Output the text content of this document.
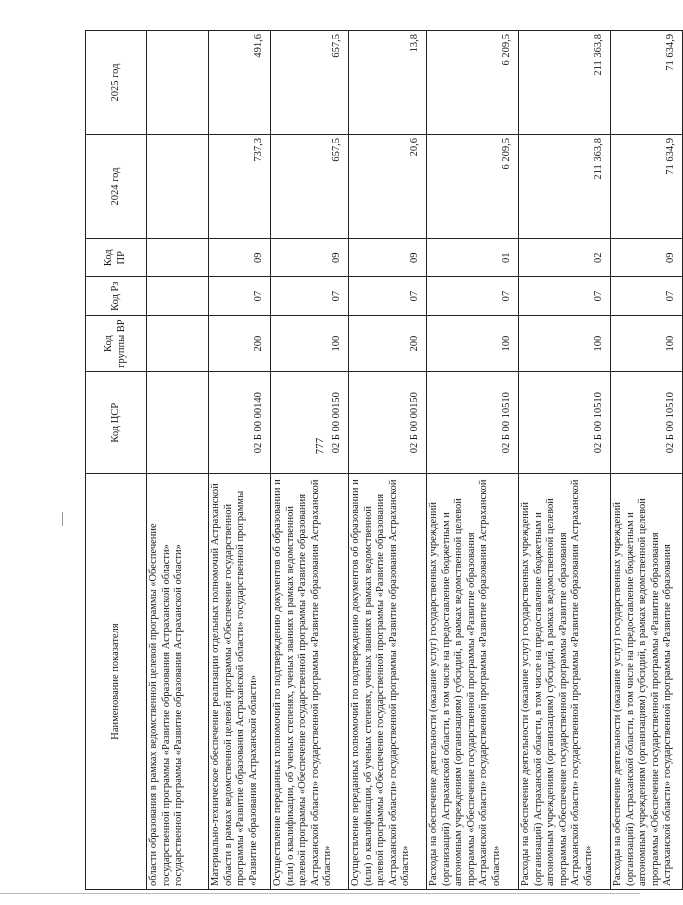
777
Наименование показателя	Код ЦСР	Код группы ВР	Код Рз	Код ПР	2024 год	2025 год
области образования в рамках ведомственной целевой программы «Обеспечение государственной программы «Развитие образования Астраханской области» государственной программы «Развитие образования Астраханской области»						
Материально-техническое обеспечение реализации отдельных полномочий Астраханской области в рамках ведомственной целевой программы «Обеспечение государственной программы «Развитие образования Астраханской области» государственной программы «Развитие образования Астраханской области»	02 Б 00 00140	200	07	09	737,3	491,6
Осуществление переданных полномочий по подтверждению документов об образовании и (или) о квалификации, об ученых степенях, ученых званиях в рамках ведомственной целевой программы «Обеспечение государственной программы «Развитие образования Астраханской области» государственной программы «Развитие образования Астраханской области»	02 Б 00 00150	100	07	09	657,5	657,5
Осуществление переданных полномочий по подтверждению документов об образовании и (или) о квалификации, об ученых степенях, ученых званиях в рамках ведомственной целевой программы «Обеспечение государственной программы «Развитие образования Астраханской области» государственной программы «Развитие образования Астраханской области»	02 Б 00 00150	200	07	09	20,6	13,8
Расходы на обеспечение деятельности (оказание услуг) государственных учреждений (организаций) Астраханской области, в том числе на предоставление бюджетным и автономным учреждениям (организациям) субсидий, в рамках ведомственной целевой программы «Обеспечение государственной программы «Развитие образования Астраханской области» государственной программы «Развитие образования Астраханской области»	02 Б 00 10510	100	07	01	6 209,5	6 209,5
Расходы на обеспечение деятельности (оказание услуг) государственных учреждений (организаций) Астраханской области, в том числе на предоставление бюджетным и автономным учреждениям (организациям) субсидий, в рамках ведомственной целевой программы «Обеспечение государственной программы «Развитие образования Астраханской области» государственной программы «Развитие образования Астраханской области»	02 Б 00 10510	100	07	02	211 363,8	211 363,8
Расходы на обеспечение деятельности (оказание услуг) государственных учреждений (организаций) Астраханской области, в том числе на предоставление бюджетным и автономным учреждениям (организациям) субсидий, в рамках ведомственной целевой программы «Обеспечение государственной программы «Развитие образования Астраханской области» государственной программы «Развитие образования	02 Б 00 10510	100	07	09	71 634,9	71 634,9
